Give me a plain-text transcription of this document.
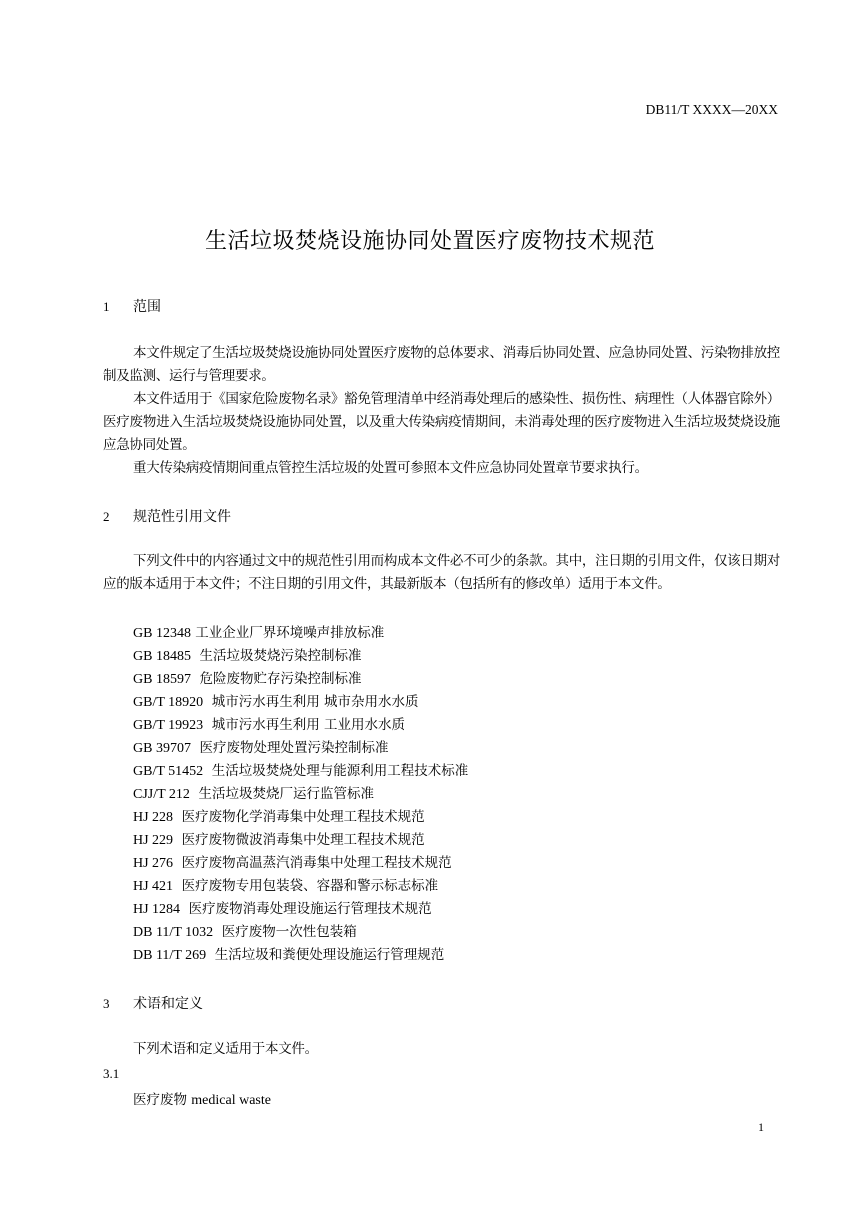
DB11/T XXXX—20XX
生活垃圾焚烧设施协同处置医疗废物技术规范
1 范围
本文件规定了生活垃圾焚烧设施协同处置医疗废物的总体要求、消毒后协同处置、应急协同处置、污染物排放控制及监测、运行与管理要求。
本文件适用于《国家危险废物名录》豁免管理清单中经消毒处理后的感染性、损伤性、病理性（人体器官除外）医疗废物进入生活垃圾焚烧设施协同处置，以及重大传染病疫情期间，未消毒处理的医疗废物进入生活垃圾焚烧设施应急协同处置。
重大传染病疫情期间重点管控生活垃圾的处置可参照本文件应急协同处置章节要求执行。
2 规范性引用文件
下列文件中的内容通过文中的规范性引用而构成本文件必不可少的条款。其中，注日期的引用文件，仅该日期对应的版本适用于本文件；不注日期的引用文件，其最新版本（包括所有的修改单）适用于本文件。
GB 12348 工业企业厂界环境噪声排放标准
GB 18485 生活垃圾焚烧污染控制标准
GB 18597 危险废物贮存污染控制标准
GB/T 18920 城市污水再生利用 城市杂用水水质
GB/T 19923 城市污水再生利用 工业用水水质
GB 39707 医疗废物处理处置污染控制标准
GB/T 51452 生活垃圾焚烧处理与能源利用工程技术标准
CJJ/T 212 生活垃圾焚烧厂运行监管标准
HJ 228 医疗废物化学消毒集中处理工程技术规范
HJ 229 医疗废物微波消毒集中处理工程技术规范
HJ 276 医疗废物高温蒸汽消毒集中处理工程技术规范
HJ 421 医疗废物专用包装袋、容器和警示标志标准
HJ 1284 医疗废物消毒处理设施运行管理技术规范
DB 11/T 1032 医疗废物一次性包装箱
DB 11/T 269 生活垃圾和粪便处理设施运行管理规范
3 术语和定义
下列术语和定义适用于本文件。
3.1
医疗废物 medical waste
1
